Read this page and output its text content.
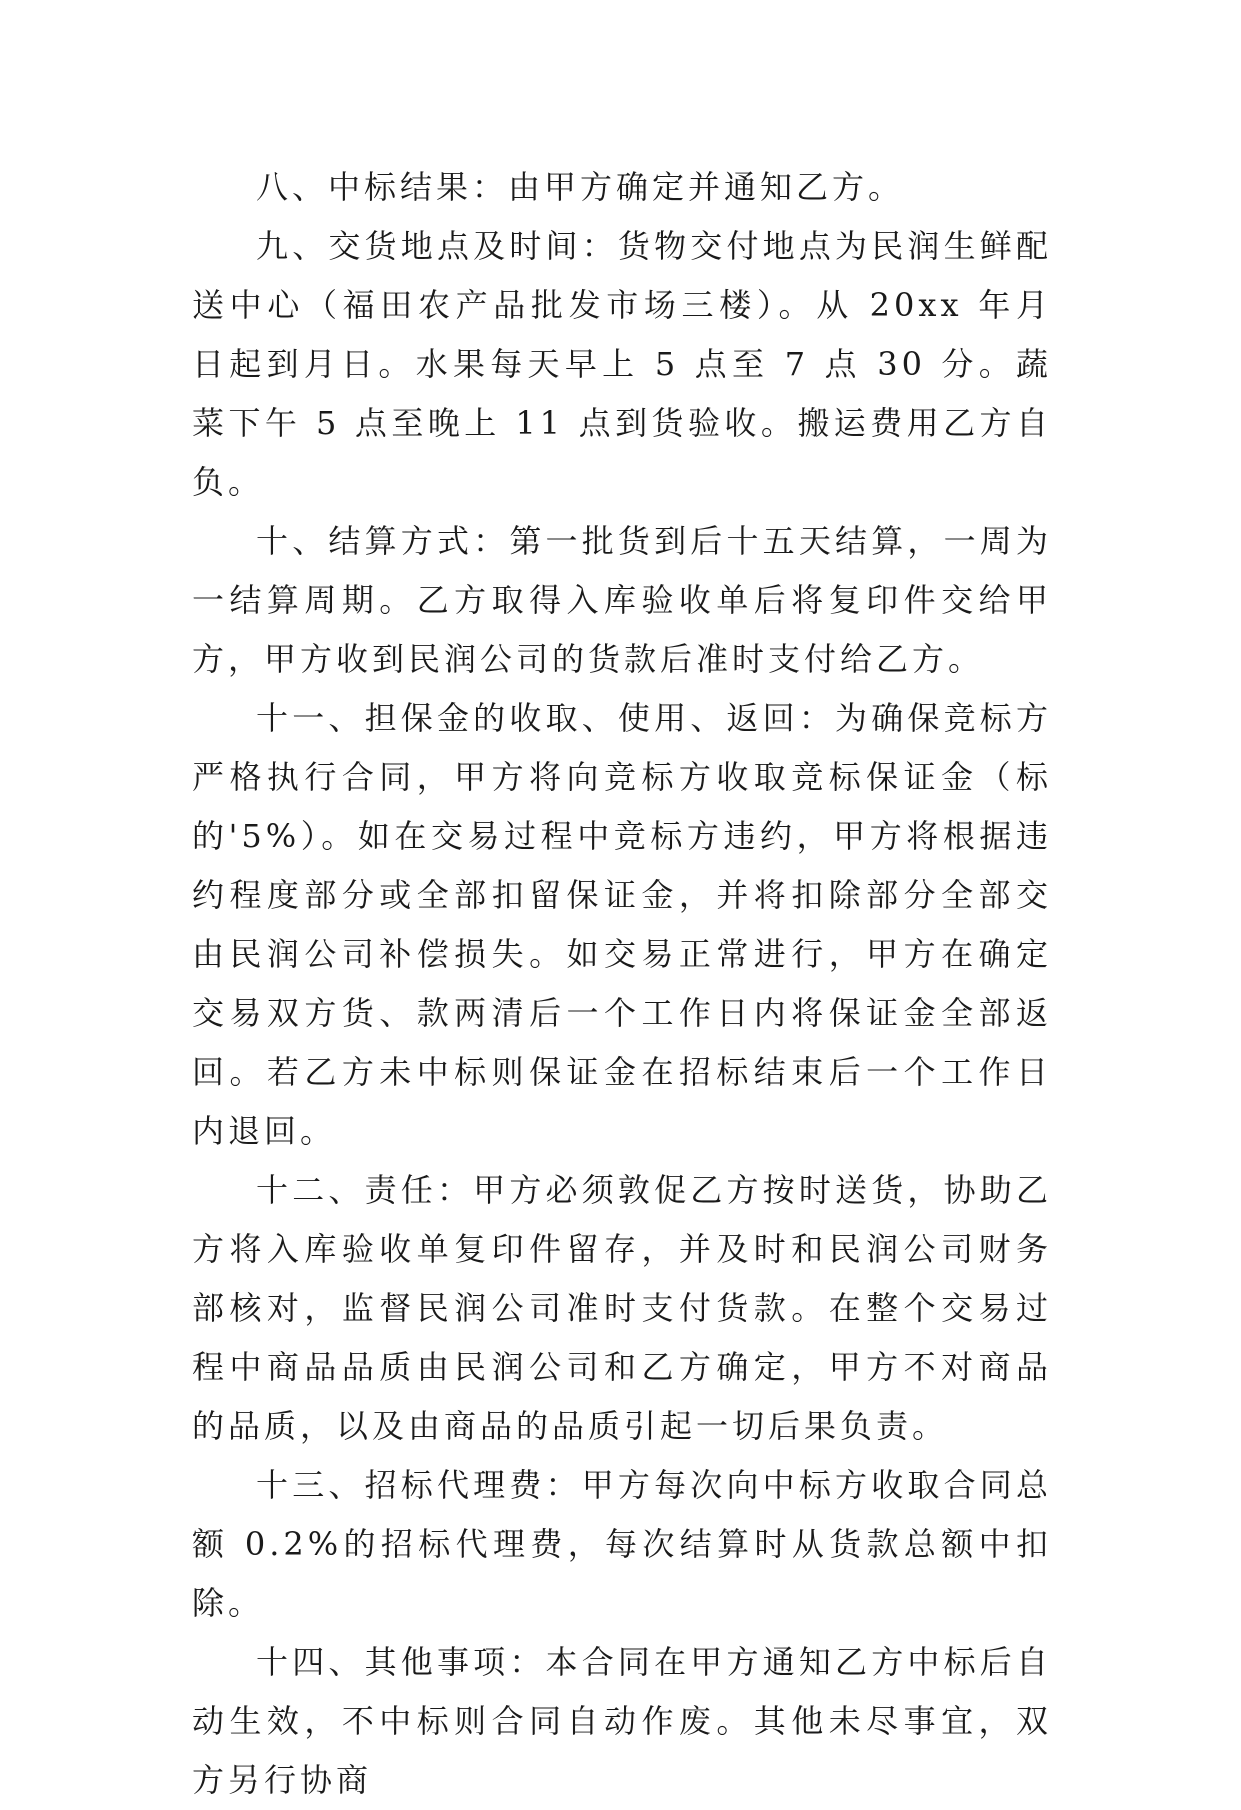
八、中标结果：由甲方确定并通知乙方。

九、交货地点及时间：货物交付地点为民润生鲜配送中心（福田农产品批发市场三楼）。从 20xx 年月日起到月日。水果每天早上 5 点至 7 点 30 分。蔬菜下午 5 点至晚上 11 点到货验收。搬运费用乙方自负。

十、结算方式：第一批货到后十五天结算，一周为一结算周期。乙方取得入库验收单后将复印件交给甲方，甲方收到民润公司的货款后准时支付给乙方。

十一、担保金的收取、使用、返回：为确保竞标方严格执行合同，甲方将向竞标方收取竞标保证金（标的'5%）。如在交易过程中竞标方违约，甲方将根据违约程度部分或全部扣留保证金，并将扣除部分全部交由民润公司补偿损失。如交易正常进行，甲方在确定交易双方货、款两清后一个工作日内将保证金全部返回。若乙方未中标则保证金在招标结束后一个工作日内退回。

十二、责任：甲方必须敦促乙方按时送货，协助乙方将入库验收单复印件留存，并及时和民润公司财务部核对，监督民润公司准时支付货款。在整个交易过程中商品品质由民润公司和乙方确定，甲方不对商品的品质，以及由商品的品质引起一切后果负责。

十三、招标代理费：甲方每次向中标方收取合同总额 0.2%的招标代理费，每次结算时从货款总额中扣除。

十四、其他事项：本合同在甲方通知乙方中标后自动生效，不中标则合同自动作废。其他未尽事宜，双方另行协商
